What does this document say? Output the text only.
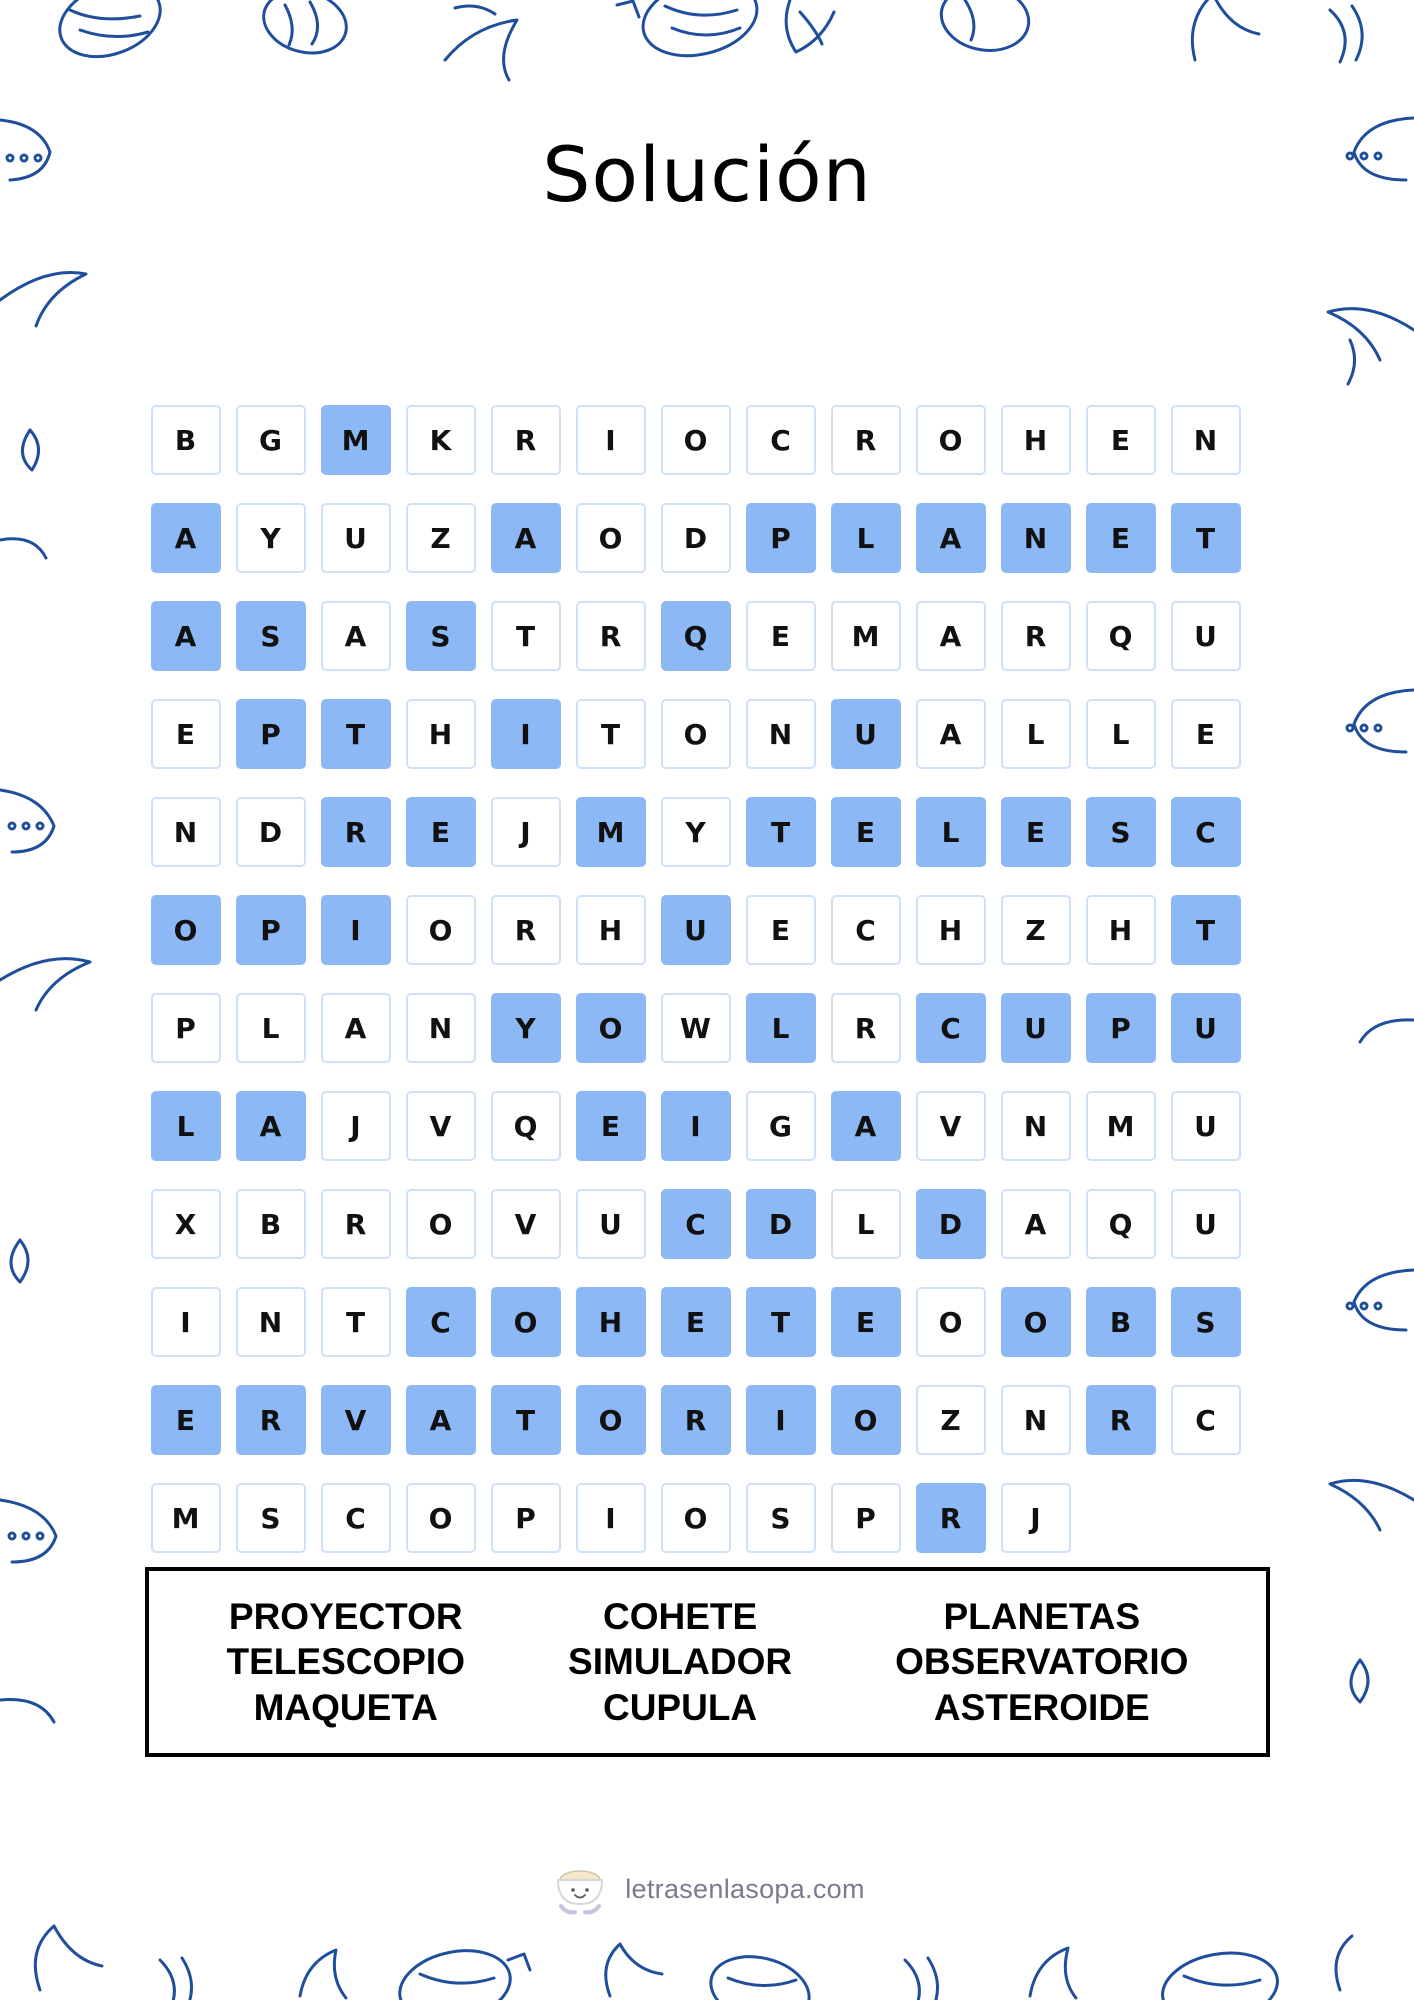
Solución
B	G	M	K	R	I	O	C	R	O	H	E	N
A	Y	U	Z	A	O	D	P	L	A	N	E	T
A	S	A	S	T	R	Q	E	M	A	R	Q	U
E	P	T	H	I	T	O	N	U	A	L	L	E
N	D	R	E	J	M	Y	T	E	L	E	S	C
O	P	I	O	R	H	U	E	C	H	Z	H	T
P	L	A	N	Y	O	W	L	R	C	U	P	U
L	A	J	V	Q	E	I	G	A	V	N	M	U
X	B	R	O	V	U	C	D	L	D	A	Q	U
I	N	T	C	O	H	E	T	E	O	O	B	S
E	R	V	A	T	O	R	I	O	Z	N	R	C
M	S	C	O	P	I	O	S	P	R	J
PROYECTOR
TELESCOPIO
MAQUETA
COHETE
SIMULADOR
CUPULA
PLANETAS
OBSERVATORIO
ASTEROIDE
letrasenlasopa.com
